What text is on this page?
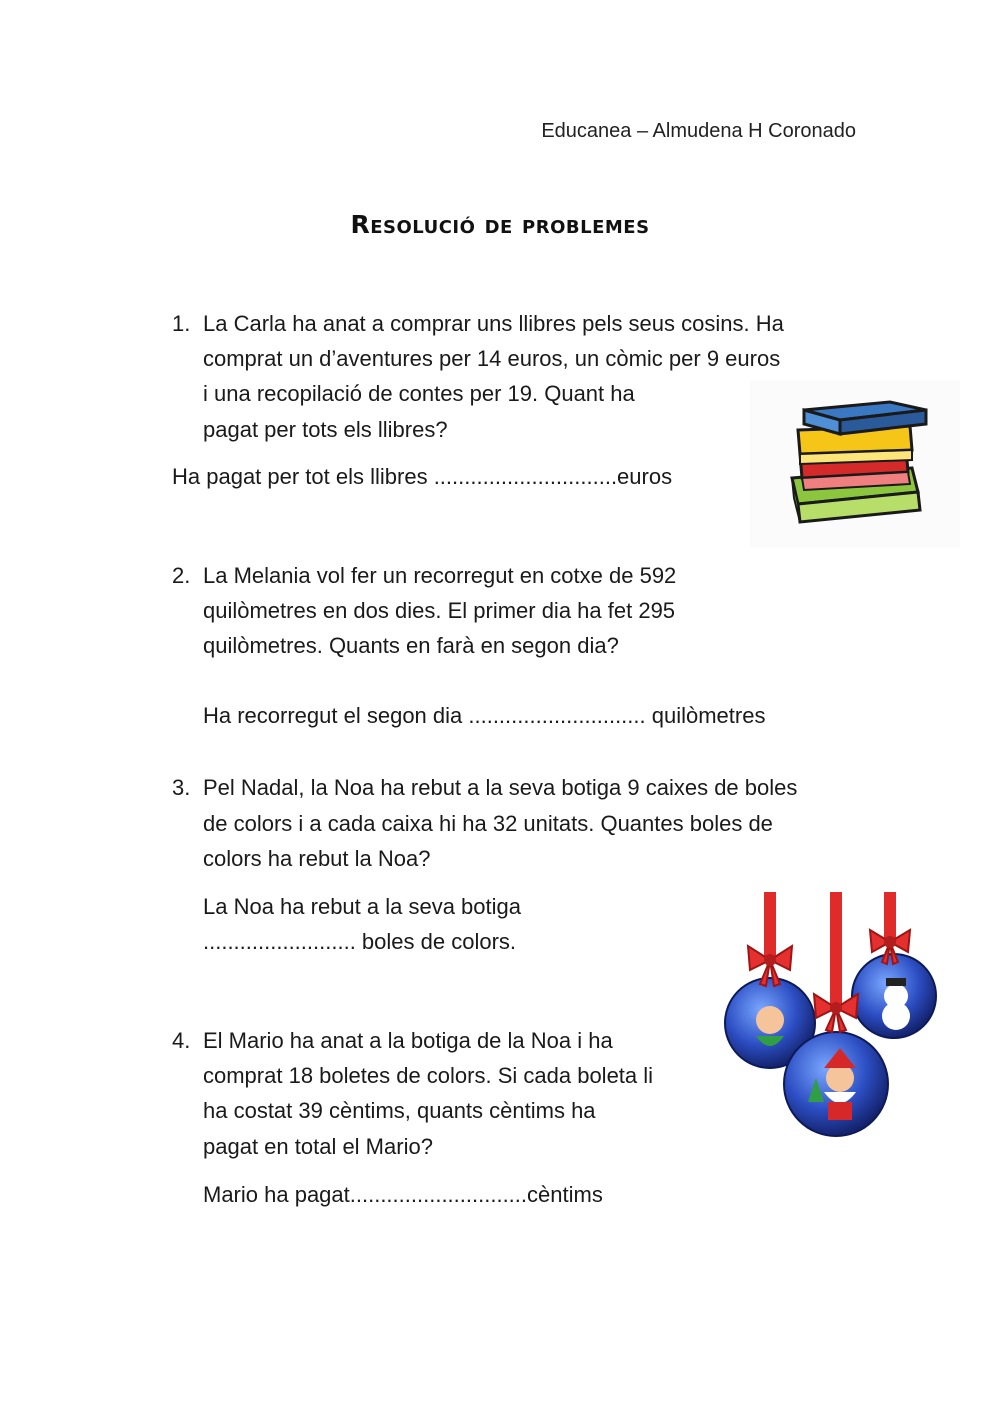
Educanea – Almudena H Coronado
Resolució de problemes
1. La Carla ha anat a comprar uns llibres pels seus cosins. Ha
comprat un d’aventures per 14 euros, un còmic per 9 euros
i una recopilació de contes per 19. Quant ha
pagat per tots els llibres?
Ha pagat per tot els llibres ..............................euros
2. La Melania vol fer un recorregut en cotxe de 592
quilòmetres en dos dies. El primer dia ha fet 295
quilòmetres. Quants en farà en segon dia?
Ha recorregut el segon dia ............................. quilòmetres
3. Pel Nadal, la Noa ha rebut a la seva botiga 9 caixes de boles
de colors i a cada caixa hi ha 32 unitats. Quantes boles de
colors ha rebut la Noa?
La Noa ha rebut a la seva botiga
......................... boles de colors.
4. El Mario ha anat a la botiga de la Noa i ha
comprat 18 boletes de colors. Si cada boleta li
ha costat 39 cèntims, quants cèntims ha
pagat en total el Mario?
Mario ha pagat.............................cèntims
